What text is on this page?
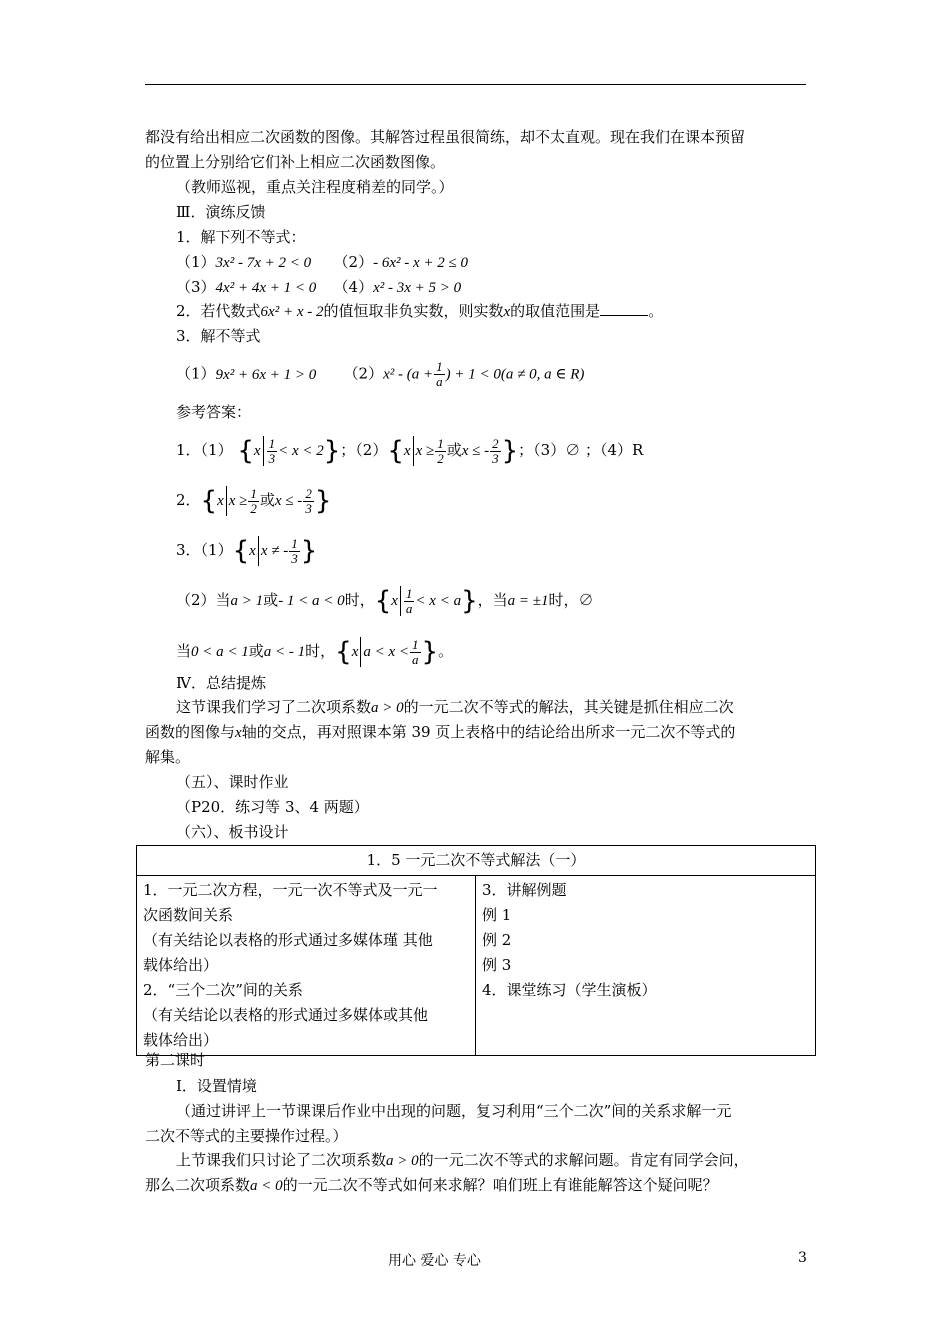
都没有给出相应二次函数的图像。其解答过程虽很简练，却不太直观。现在我们在课本预留
的位置上分别给它们补上相应二次函数图像。
（教师巡视，重点关注程度稍差的同学。）
Ⅲ．演练反馈
1．解下列不等式：
（1）3x² - 7x + 2 < 0 （2）- 6x² - x + 2 ≤ 0
（3）4x² + 4x + 1 < 0 （4）x² - 3x + 5 > 0
2．若代数式6x² + x - 2的值恒取非负实数，则实数x的取值范围是	。
3．解不等式
（1）9x² + 6x + 1 > 0 $(2)x^2 - (a + \frac{1}{a}$ ) + 1 < 0(a ≠ 0, a ∈ R)
参考答案：
1．（1） $\{x \frac{1}{3} < x < 2\}$；（2）{x $x \ge \frac{1}{2}$ 或x ≤ - $\frac{2}{3}$ }；（3）∅ ；（4）R
2．{x $x \ge \frac{1}{2}$ 或x ≤ - $\frac{2}{3}$ }
3．（1）{x x ≠ - $\frac{1}{3}$ }
（2）当a > 1或- 1 < a < 0时，$\{x \frac{1}{a} < x < a\}$，当a = ±1时，∅
当0 < a < 1或a < - 1时，{x $a < x < \frac{1}{a}$ }。
Ⅳ．总结提炼
这节课我们学习了二次项系数a > 0的一元二次不等式的解法，其关键是抓住相应二次
函数的图像与x轴的交点，再对照课本第 39 页上表格中的结论给出所求一元二次不等式的
解集。
（五）、课时作业
（P20．练习等 3、4 两题）
（六）、板书设计
1．5 一元二次不等式解法（一）

1．一元二次方程，一元一次不等式及一元一
次函数间关系
（有关结论以表格的形式通过多媒体瑾 其他
载体给出）
2．“三个二次”间的关系
（有关结论以表格的形式通过多媒体或其他
载体给出）

3．讲解例题
例 1
例 2
例 3
4．课堂练习（学生演板）
第二课时
Ⅰ．设置情境
（通过讲评上一节课课后作业中出现的问题，复习利用“三个二次”间的关系求解一元
二次不等式的主要操作过程。）
上节课我们只讨论了二次项系数a > 0的一元二次不等式的求解问题。肯定有同学会问，
那么二次项系数a < 0的一元二次不等式如何来求解？咱们班上有谁能解答这个疑问呢？
用心 爱心 专心	3
